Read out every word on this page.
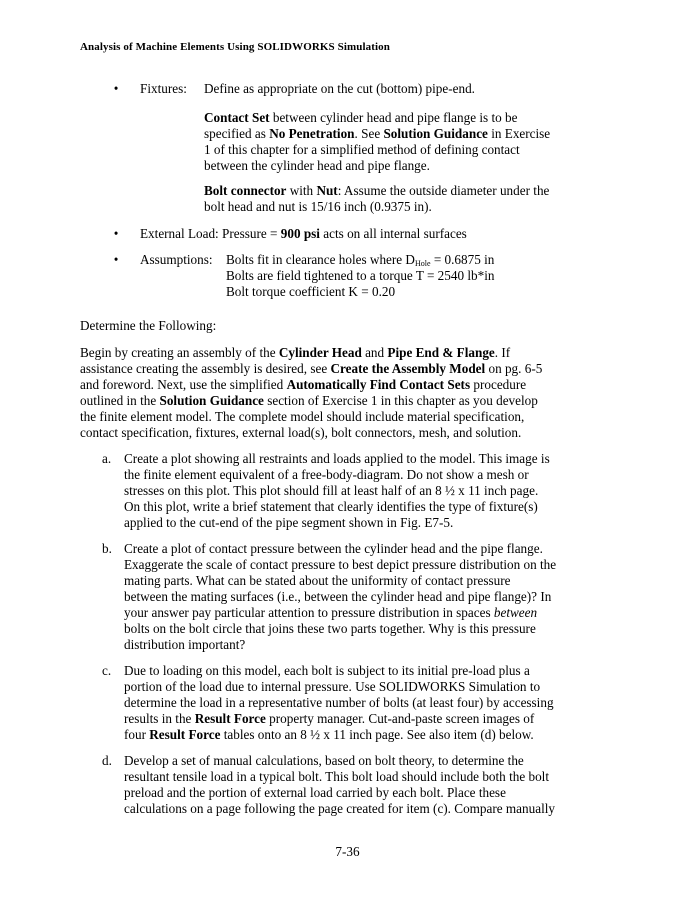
Analysis of Machine Elements Using SOLIDWORKS Simulation
• Fixtures: Define as appropriate on the cut (bottom) pipe-end.
Contact Set between cylinder head and pipe flange is to be
specified as No Penetration. See Solution Guidance in Exercise
1 of this chapter for a simplified method of defining contact
between the cylinder head and pipe flange.
Bolt connector with Nut: Assume the outside diameter under the
bolt head and nut is 15/16 inch (0.9375 in).
• External Load: Pressure = 900 psi acts on all internal surfaces
• Assumptions: Bolts fit in clearance holes where $D_{Hole} = 0.6875$ in
Bolts are field tightened to a torque T = 2540 lb*in
Bolt torque coefficient K = 0.20
Determine the Following:
Begin by creating an assembly of the Cylinder Head and Pipe End & Flange. If
assistance creating the assembly is desired, see Create the Assembly Model on pg. 6-5
and foreword. Next, use the simplified Automatically Find Contact Sets procedure
outlined in the Solution Guidance section of Exercise 1 in this chapter as you develop
the finite element model. The complete model should include material specification,
contact specification, fixtures, external load(s), bolt connectors, mesh, and solution.
a. Create a plot showing all restraints and loads applied to the model. This image is
the finite element equivalent of a free-body-diagram. Do not show a mesh or
stresses on this plot. This plot should fill at least half of an 8 ½ x 11 inch page.
On this plot, write a brief statement that clearly identifies the type of fixture(s)
applied to the cut-end of the pipe segment shown in Fig. E7-5.
b. Create a plot of contact pressure between the cylinder head and the pipe flange.
Exaggerate the scale of contact pressure to best depict pressure distribution on the
mating parts. What can be stated about the uniformity of contact pressure
between the mating surfaces (i.e., between the cylinder head and pipe flange)? In
your answer pay particular attention to pressure distribution in spaces between
bolts on the bolt circle that joins these two parts together. Why is this pressure
distribution important?
c. Due to loading on this model, each bolt is subject to its initial pre-load plus a
portion of the load due to internal pressure. Use SOLIDWORKS Simulation to
determine the load in a representative number of bolts (at least four) by accessing
results in the Result Force property manager. Cut-and-paste screen images of
four Result Force tables onto an 8 ½ x 11 inch page. See also item (d) below.
d. Develop a set of manual calculations, based on bolt theory, to determine the
resultant tensile load in a typical bolt. This bolt load should include both the bolt
preload and the portion of external load carried by each bolt. Place these
calculations on a page following the page created for item (c). Compare manually
7-36
